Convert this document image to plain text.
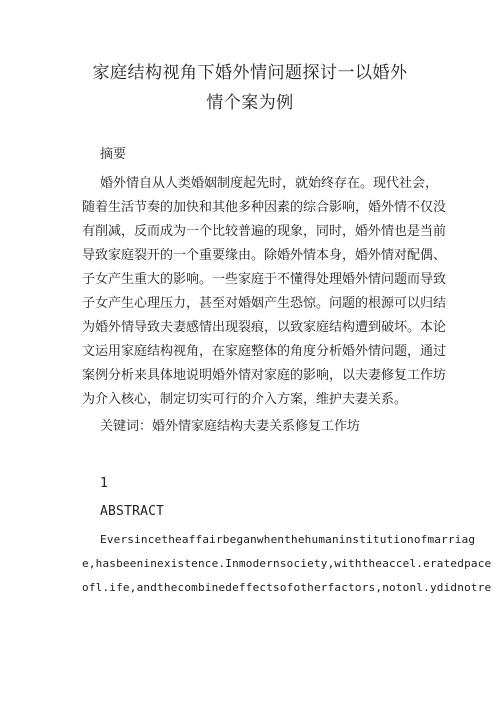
家庭结构视角下婚外情问题探讨一以婚外
情个案为例
摘要
婚外情自从人类婚姻制度起先时，就始终存在。现代社会，
随着生活节奏的加快和其他多种因素的综合影响，婚外情不仅没
有削减，反而成为一个比较普遍的现象，同时，婚外情也是当前
导致家庭裂开的一个重要缘由。除婚外情本身，婚外情对配偶、
子女产生重大的影响。一些家庭于不懂得处理婚外情问题而导致
子女产生心理压力，甚至对婚姻产生恐惊。问题的根源可以归结
为婚外情导致夫妻感情出现裂痕，以致家庭结构遭到破坏。本论
文运用家庭结构视角，在家庭整体的角度分析婚外情问题，通过
案例分析来具体地说明婚外情对家庭的影响，以夫妻修复工作坊
为介入核心，制定切实可行的介入方案，维护夫妻关系。
关键词：婚外情家庭结构夫妻关系修复工作坊
1
ABSTRACT
Eversincetheaffairbeganwhenthehumaninstitutionofmarriag
e,hasbeeninexistence.Inmodernsociety,withtheaccel.eratedpace
ofl.ife,andthecombinedeffectsofotherfactors,notonl.ydidnotre
